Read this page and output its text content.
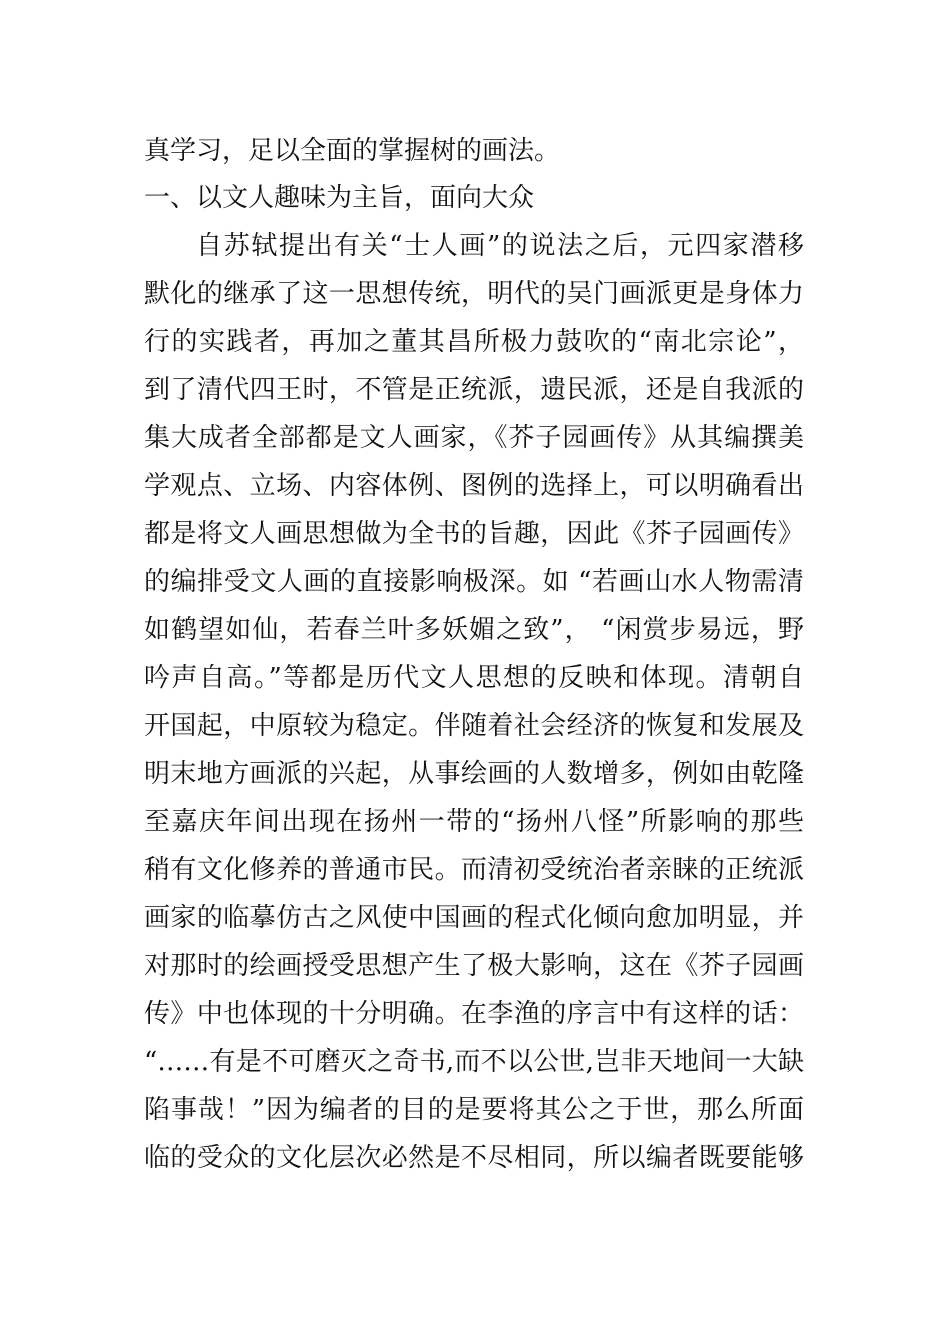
真学习，足以全面的掌握树的画法。
一、以文人趣味为主旨，面向大众
自苏轼提出有关“士人画”的说法之后，元四家潜移
默化的继承了这一思想传统，明代的吴门画派更是身体力
行的实践者，再加之董其昌所极力鼓吹的“南北宗论”，
到了清代四王时，不管是正统派，遗民派，还是自我派的
集大成者全部都是文人画家，《芥子园画传》从其编撰美
学观点、立场、内容体例、图例的选择上，可以明确看出
都是将文人画思想做为全书的旨趣，因此《芥子园画传》
的编排受文人画的直接影响极深。如 “若画山水人物需清
如鹤望如仙，若春兰叶多妖媚之致”， “闲赏步易远，野
吟声自高。”等都是历代文人思想的反映和体现。清朝自
开国起，中原较为稳定。伴随着社会经济的恢复和发展及
明末地方画派的兴起，从事绘画的人数增多，例如由乾隆
至嘉庆年间出现在扬州一带的“扬州八怪”所影响的那些
稍有文化修养的普通市民。而清初受统治者亲睐的正统派
画家的临摹仿古之风使中国画的程式化倾向愈加明显，并
对那时的绘画授受思想产生了极大影响，这在《芥子园画
传》中也体现的十分明确。在李渔的序言中有这样的话：
“……有是不可磨灭之奇书,而不以公世,岂非天地间一大缺
陷事哉！”因为编者的目的是要将其公之于世，那么所面
临的受众的文化层次必然是不尽相同，所以编者既要能够
